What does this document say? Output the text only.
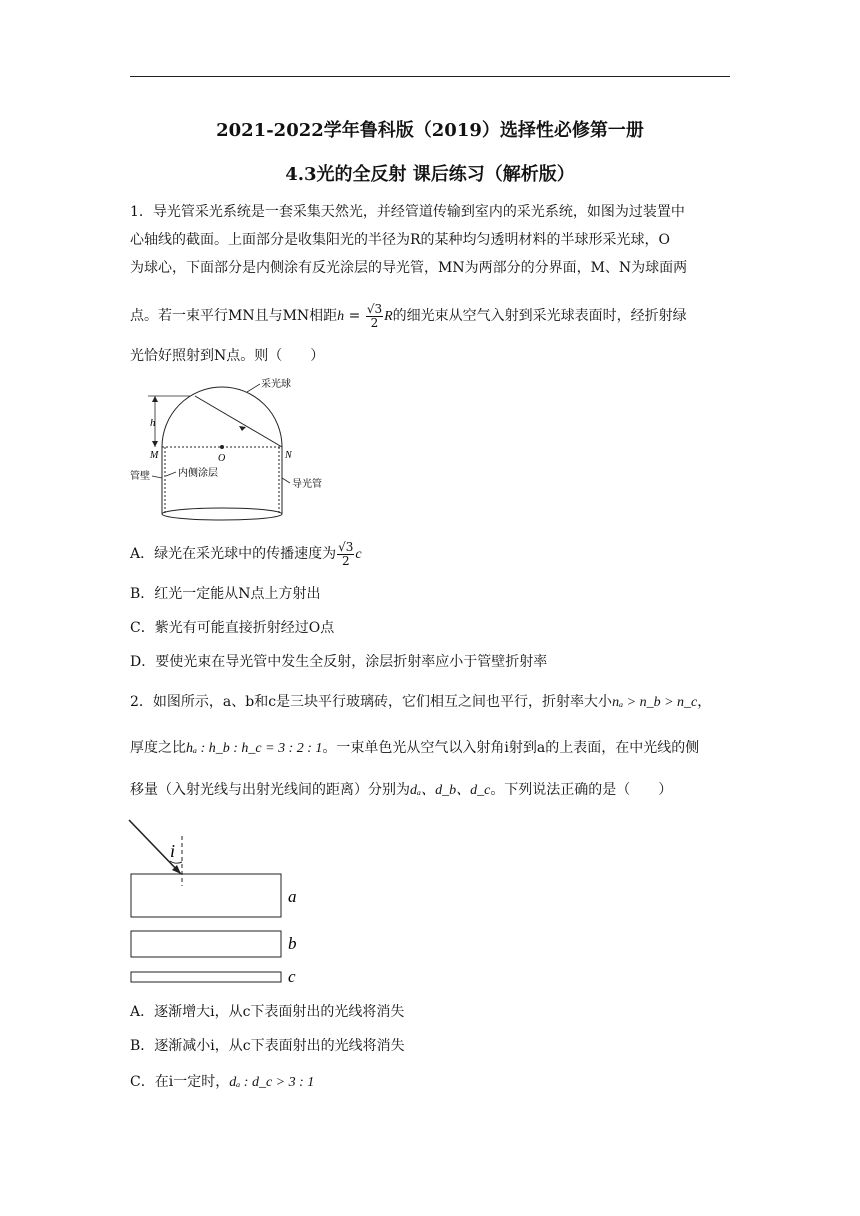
2021-2022学年鲁科版（2019）选择性必修第一册
4.3光的全反射 课后练习（解析版）
1．导光管采光系统是一套采集天然光，并经管道传输到室内的采光系统，如图为过装置中
心轴线的截面。上面部分是收集阳光的半径为R的某种均匀透明材料的半球形采光球，O
为球心，下面部分是内侧涂有反光涂层的导光管，MN为两部分的分界面，M、N为球面两
点。若一束平行MN且与MN相距$h = \frac{√3}{2}$ R的细光束从空气入射到采光球表面时，经折射绿
光恰好照射到N点。则（　　）
h
采光球
O
M	N
管壁	内侧涂层
导光管
A．绿光在采光球中的传播速度为 $\frac{√3}{2}$ c
B．红光一定能从N点上方射出
C．紫光有可能直接折射经过O点
D．要使光束在导光管中发生全反射，涂层折射率应小于管壁折射率
2．如图所示，a、b和c是三块平行玻璃砖，它们相互之间也平行，折射率大小nₐ > n_b > n_c，
厚度之比hₐ : h_b : h_c = 3 : 2 : 1。一束单色光从空气以入射角i射到a的上表面，在中光线的侧
移量（入射光线与出射光线间的距离）分别为dₐ、d_b、d_c。下列说法正确的是（　　）
i
a
b
c
A．逐渐增大i，从c下表面射出的光线将消失
B．逐渐减小i，从c下表面射出的光线将消失
C．在i一定时，dₐ : d_c > 3 : 1
